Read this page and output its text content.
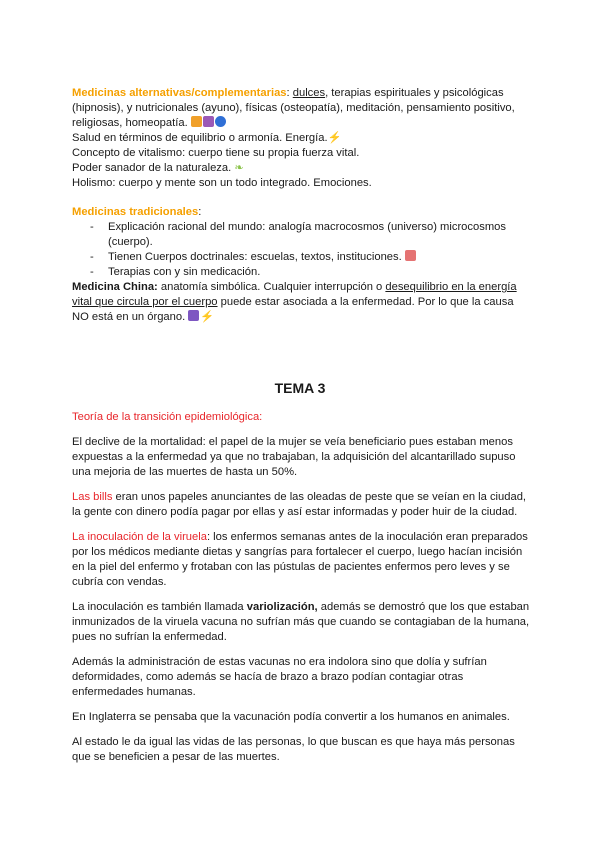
Medicinas alternativas/complementarias: dulces, terapias espirituales y psicológicas (hipnosis), y nutricionales (ayuno), físicas (osteopatía), meditación, pensamiento positivo, religiosas, homeopatía.

Salud en términos de equilibrio o armonía. Energía.⚡

Concepto de vitalismo: cuerpo tiene su propia fuerza vital.

Poder sanador de la naturaleza. ❧

Holismo: cuerpo y mente son un todo integrado. Emociones.

Medicinas tradicionales:

- Explicación racional del mundo: analogía macrocosmos (universo) microcosmos (cuerpo).
- Tienen Cuerpos doctrinales: escuelas, textos, instituciones.
- Terapias con y sin medicación.

Medicina China: anatomía simbólica. Cualquier interrupción o desequilibrio en la energía vital que circula por el cuerpo puede estar asociada a la enfermedad. Por lo que la causa NO está en un órgano. ⚡

TEMA 3

Teoría de la transición epidemiológica:

El declive de la mortalidad: el papel de la mujer se veía beneficiario pues estaban menos expuestas a la enfermedad ya que no trabajaban, la adquisición del alcantarillado supuso una mejoria de las muertes de hasta un 50%.

Las bills eran unos papeles anunciantes de las oleadas de peste que se veían en la ciudad, la gente con dinero podía pagar por ellas y así estar informadas y poder huir de la ciudad.

La inoculación de la viruela: los enfermos semanas antes de la inoculación eran preparados por los médicos mediante dietas y sangrías para fortalecer el cuerpo, luego hacían incisión en la piel del enfermo y frotaban con las pústulas de pacientes enfermos pero leves y se cubría con vendas.

La inoculación es también llamada variolización, además se demostró que los que estaban inmunizados de la viruela vacuna no sufrían más que cuando se contagiaban de la humana, pues no sufrían la enfermedad.

Además la administración de estas vacunas no era indolora sino que dolía y sufrían deformidades, como además se hacía de brazo a brazo podían contagiar otras enfermedades humanas.

En Inglaterra se pensaba que la vacunación podía convertir a los humanos en animales.

Al estado le da igual las vidas de las personas, lo que buscan es que haya más personas que se beneficien a pesar de las muertes.
